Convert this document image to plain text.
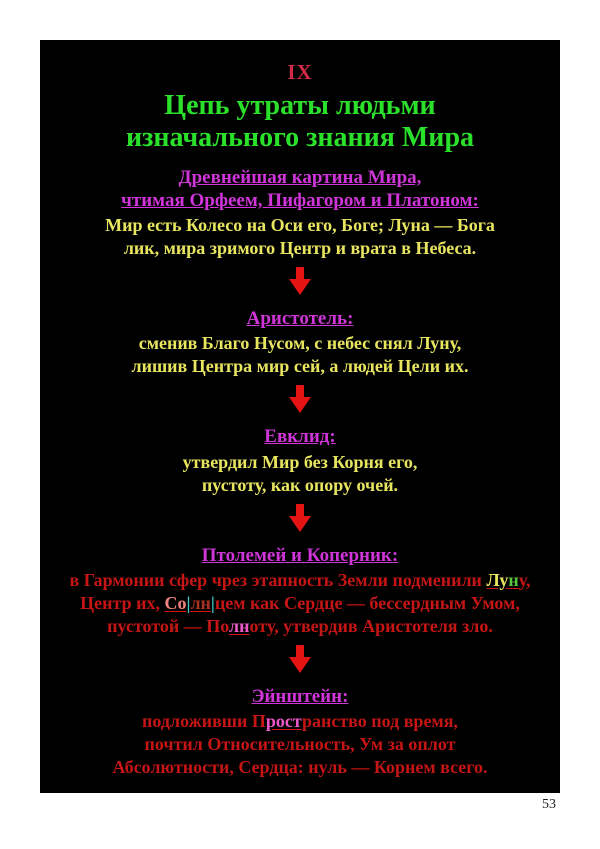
IX
Цепь утраты людьми
изначального знания Мира
Древнейшая картина Мира,
чтимая Орфеем, Пифагором и Платоном:
Мир есть Колесо на Оси его, Боге; Луна — Бога
лик, мира зримого Центр и врата в Небеса.
Аристотель:
сменив Благо Нусом, с небес снял Луну,
лишив Центра мир сей, а людей Цели их.
Евклид:
утвердил Мир без Корня его,
пустоту, как опору очей.
Птолемей и Коперник:
в Гармонии сфер чрез этапность Земли подменили Луну,
Центр их, Со|лн|цем как Сердце — бессердным Умом,
пустотой — Полноту, утвердив Аристотеля зло.
Эйнштейн:
подложивши Пространство под время,
почтил Относительность, Ум за оплот
Абсолютности, Сердца: нуль — Корнем всего.
53
